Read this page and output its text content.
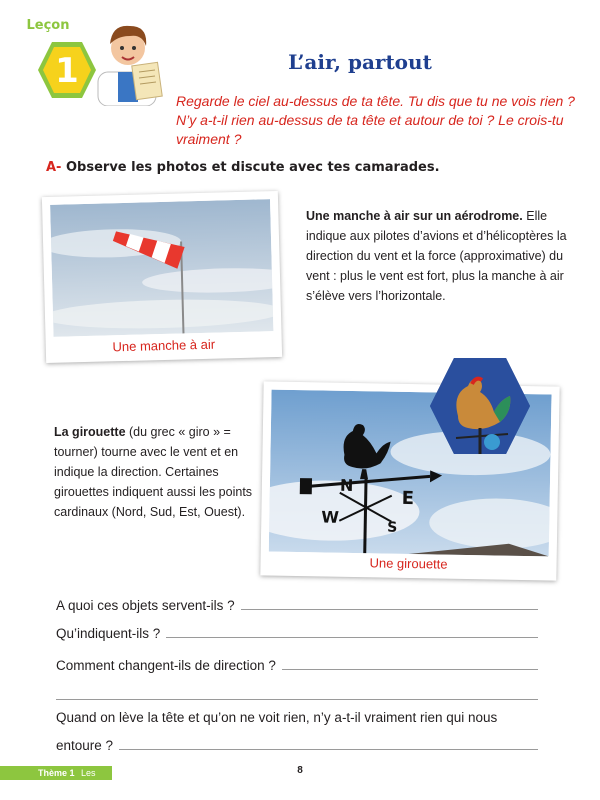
Leçon
1	L’air, partout
Regarde le ciel au-dessus de ta tête. Tu dis que tu ne vois rien ? N’y a-t-il rien au-dessus de ta tête et autour de toi ? Le crois-tu vraiment ?
A- Observe les photos et discute avec tes camarades.
Une manche à air
Une manche à air sur un aérodrome. Elle indique aux pilotes d’avions et d’hélicoptères la direction du vent et la force (approximative) du vent : plus le vent est fort, plus la manche à air s’élève vers l’horizontale.
La girouette (du grec « giro » = tourner) tourne avec le vent et en indique la direction. Certaines girouettes indiquent aussi les points cardinaux (Nord, Sud, Est, Ouest).
N
E
W
S
Une girouette
A quoi ces objets servent-ils ?
Qu’indiquent-ils ?
Comment changent-ils de direction ?
Quand on lève la tête et qu’on ne voit rien, n’y a-t-il vraiment rien qui nous
entoure ?
Thème 1 Les gaz
8
